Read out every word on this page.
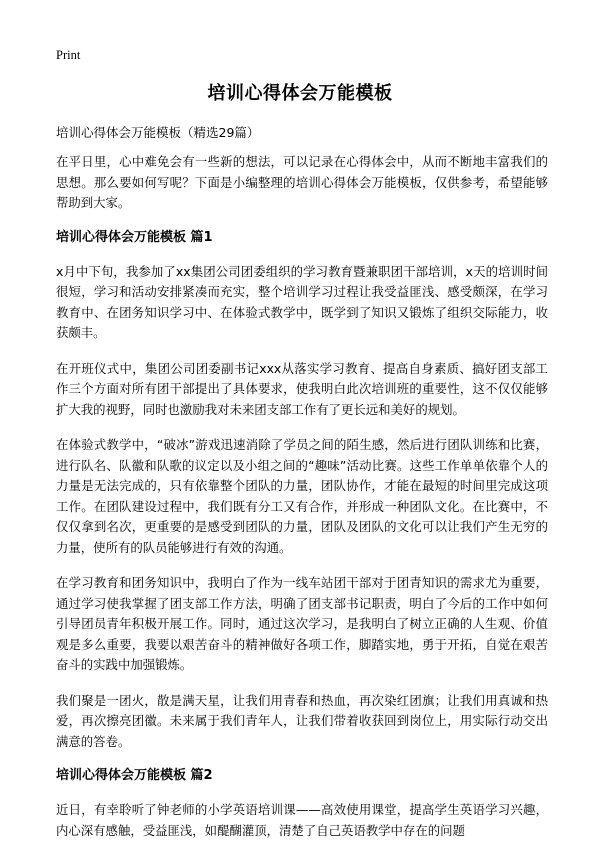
Print
培训心得体会万能模板

培训心得体会万能模板（精选29篇）

在平日里，心中难免会有一些新的想法，可以记录在心得体会中，从而不断地丰富我们的思想。那么要如何写呢？下面是小编整理的培训心得体会万能模板，仅供参考，希望能够帮助到大家。

培训心得体会万能模板 篇1

x月中下旬，我参加了xx集团公司团委组织的学习教育暨兼职团干部培训，x天的培训时间很短，学习和活动安排紧凑而充实，整个培训学习过程让我受益匪浅、感受颇深，在学习教育中、在团务知识学习中、在体验式教学中，既学到了知识又锻炼了组织交际能力，收获颇丰。

在开班仪式中，集团公司团委副书记xxx从落实学习教育、提高自身素质、搞好团支部工作三个方面对所有团干部提出了具体要求，使我明白此次培训班的重要性，这不仅仅能够扩大我的视野，同时也激励我对未来团支部工作有了更长远和美好的规划。

在体验式教学中，“破冰”游戏迅速消除了学员之间的陌生感，然后进行团队训练和比赛，进行队名、队徽和队歌的议定以及小组之间的“趣味”活动比赛。这些工作单单依靠个人的力量是无法完成的，只有依靠整个团队的力量，团队协作，才能在最短的时间里完成这项工作。在团队建设过程中，我们既有分工又有合作，并形成一种团队文化。在比赛中，不仅仅拿到名次，更重要的是感受到团队的力量，团队及团队的文化可以让我们产生无穷的力量，使所有的队员能够进行有效的沟通。

在学习教育和团务知识中，我明白了作为一线车站团干部对于团青知识的需求尤为重要，通过学习使我掌握了团支部工作方法，明确了团支部书记职责，明白了今后的工作中如何引导团员青年积极开展工作。同时，通过这次学习，是我明白了树立正确的人生观、价值观是多么重要，我要以艰苦奋斗的精神做好各项工作，脚踏实地，勇于开拓，自觉在艰苦奋斗的实践中加强锻炼。

我们聚是一团火，散是满天星，让我们用青春和热血，再次染红团旗；让我们用真诚和热爱，再次擦亮团徽。未来属于我们青年人，让我们带着收获回到岗位上，用实际行动交出满意的答卷。

培训心得体会万能模板 篇2

近日，有幸聆听了钟老师的小学英语培训课——高效使用课堂，提高学生英语学习兴趣，内心深有感触，受益匪浅，如醍醐灌顶，清楚了自己英语教学中存在的问题
